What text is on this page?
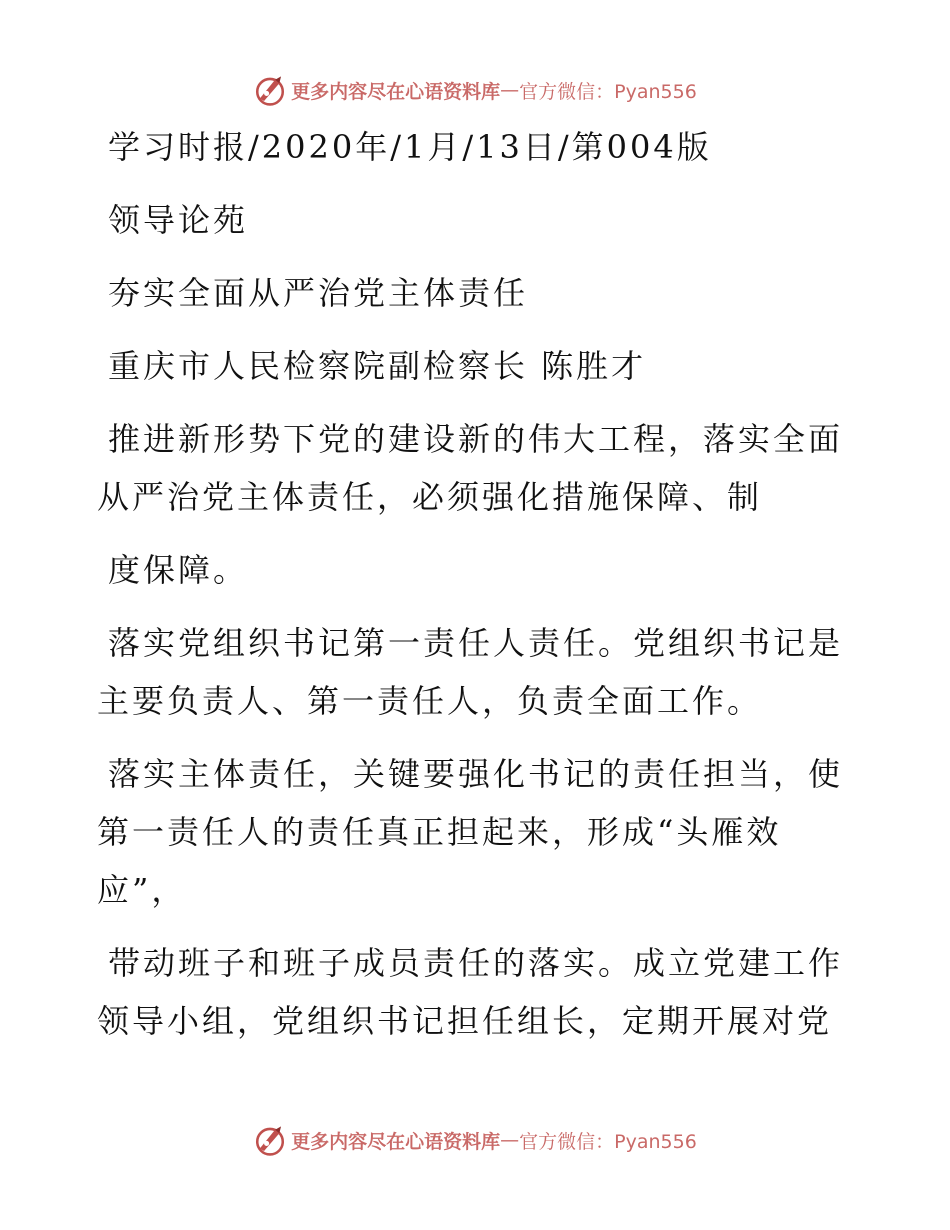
更多内容尽在心语资料库 — 官方微信：Pyan556
学习时报/2020年/1月/13日/第004版
领导论苑
夯实全面从严治党主体责任
重庆市人民检察院副检察长 陈胜才
推进新形势下党的建设新的伟大工程，落实全面
从严治党主体责任，必须强化措施保障、制
度保障。
落实党组织书记第一责任人责任。党组织书记是
主要负责人、第一责任人，负责全面工作。
落实主体责任，关键要强化书记的责任担当，使
第一责任人的责任真正担起来，形成“头雁效
应”，
带动班子和班子成员责任的落实。成立党建工作
领导小组，党组织书记担任组长，定期开展对党
更多内容尽在心语资料库 — 官方微信：Pyan556
